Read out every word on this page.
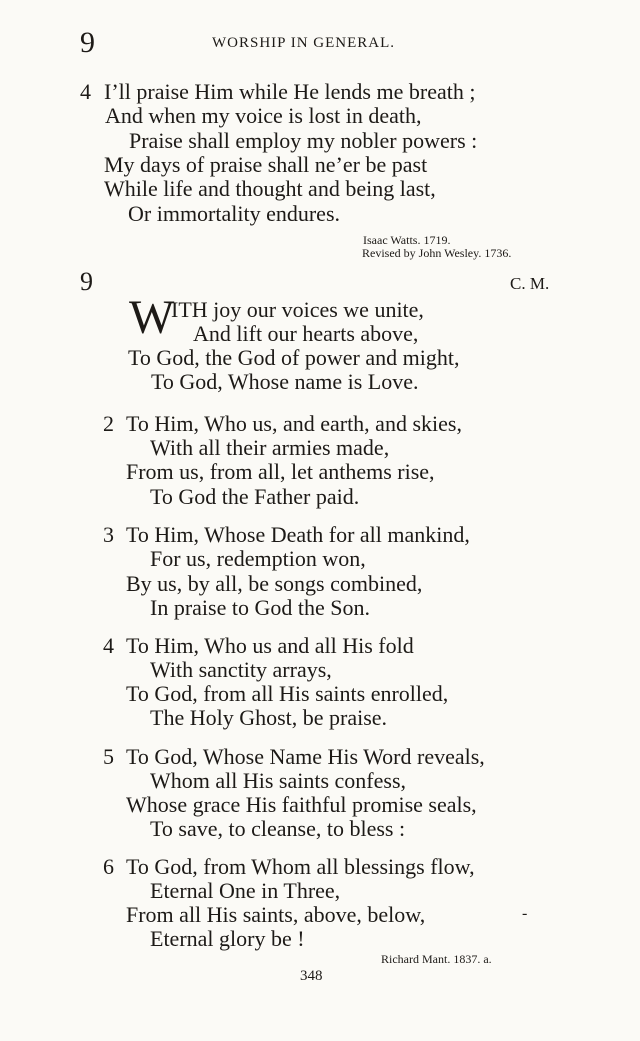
9	WORSHIP IN GENERAL.
4 I’ll praise Him while He lends me breath ;
And when my voice is lost in death,
Praise shall employ my nobler powers :
My days of praise shall ne’er be past
While life and thought and being last,
Or immortality endures.
Isaac Watts. 1719.
Revised by John Wesley. 1736.
9	C. M.
W
ITH joy our voices we unite,
And lift our hearts above,
To God, the God of power and might,
To God, Whose name is Love.
2 To Him, Who us, and earth, and skies,
With all their armies made,
From us, from all, let anthems rise,
To God the Father paid.
3 To Him, Whose Death for all mankind,
For us, redemption won,
By us, by all, be songs combined,
In praise to God the Son.
4 To Him, Who us and all His fold
With sanctity arrays,
To God, from all His saints enrolled,
The Holy Ghost, be praise.
5 To God, Whose Name His Word reveals,
Whom all His saints confess,
Whose grace His faithful promise seals,
To save, to cleanse, to bless :
6 To God, from Whom all blessings flow,
Eternal One in Three,
From all His saints, above, below,
Eternal glory be !
-
Richard Mant. 1837. a.
348
